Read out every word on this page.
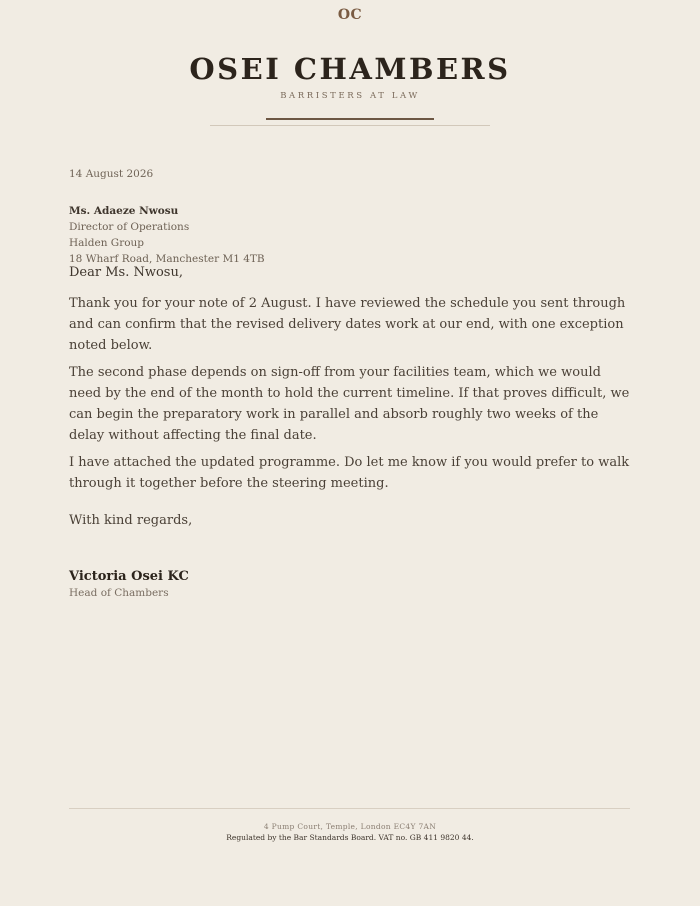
OC
OSEI CHAMBERS
BARRISTERS AT LAW
14 August 2026
Ms. Adaeze Nwosu
Director of Operations
Halden Group
18 Wharf Road, Manchester M1 4TB
Dear Ms. Nwosu,

Thank you for your note of 2 August. I have reviewed the schedule you sent through and can confirm that the revised delivery dates work at our end, with one exception noted below.

The second phase depends on sign-off from your facilities team, which we would need by the end of the month to hold the current timeline. If that proves difficult, we can begin the preparatory work in parallel and absorb roughly two weeks of the delay without affecting the final date.

I have attached the updated programme. Do let me know if you would prefer to walk through it together before the steering meeting.

With kind regards,
Victoria Osei KC
Head of Chambers
4 Pump Court, Temple, London EC4Y 7AN
Regulated by the Bar Standards Board. VAT no. GB 411 9820 44.
